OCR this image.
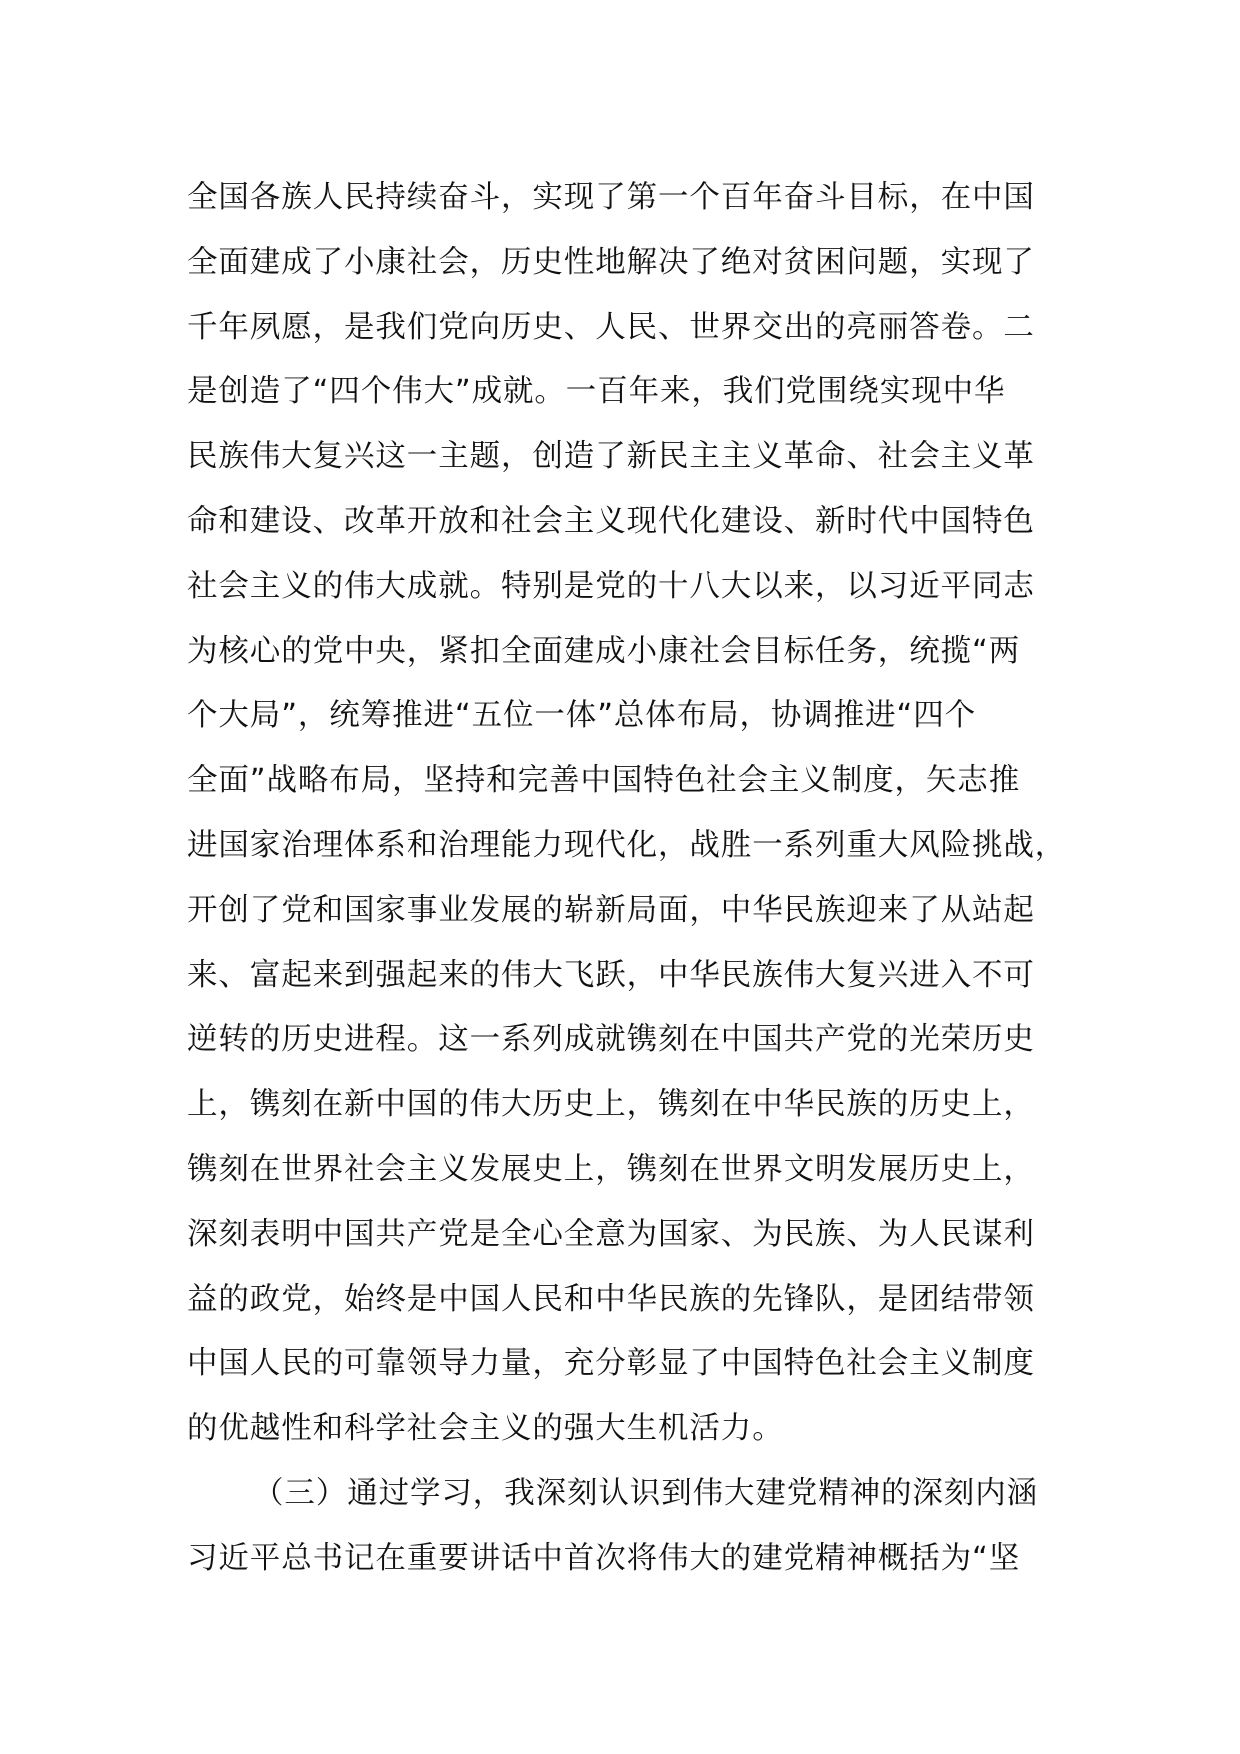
全国各族人民持续奋斗，实现了第一个百年奋斗目标，在中国
全面建成了小康社会，历史性地解决了绝对贫困问题，实现了
千年夙愿，是我们党向历史、人民、世界交出的亮丽答卷。二
是创造了“四个伟大”成就。一百年来，我们党围绕实现中华
民族伟大复兴这一主题，创造了新民主主义革命、社会主义革
命和建设、改革开放和社会主义现代化建设、新时代中国特色
社会主义的伟大成就。特别是党的十八大以来，以习近平同志
为核心的党中央，紧扣全面建成小康社会目标任务，统揽“两
个大局”，统筹推进“五位一体”总体布局，协调推进“四个
全面”战略布局，坚持和完善中国特色社会主义制度，矢志推
进国家治理体系和治理能力现代化，战胜一系列重大风险挑战，
开创了党和国家事业发展的崭新局面，中华民族迎来了从站起
来、富起来到强起来的伟大飞跃，中华民族伟大复兴进入不可
逆转的历史进程。这一系列成就镌刻在中国共产党的光荣历史
上，镌刻在新中国的伟大历史上，镌刻在中华民族的历史上，
镌刻在世界社会主义发展史上，镌刻在世界文明发展历史上，
深刻表明中国共产党是全心全意为国家、为民族、为人民谋利
益的政党，始终是中国人民和中华民族的先锋队，是团结带领
中国人民的可靠领导力量，充分彰显了中国特色社会主义制度
的优越性和科学社会主义的强大生机活力。
（三）通过学习，我深刻认识到伟大建党精神的深刻内涵
习近平总书记在重要讲话中首次将伟大的建党精神概括为“坚
